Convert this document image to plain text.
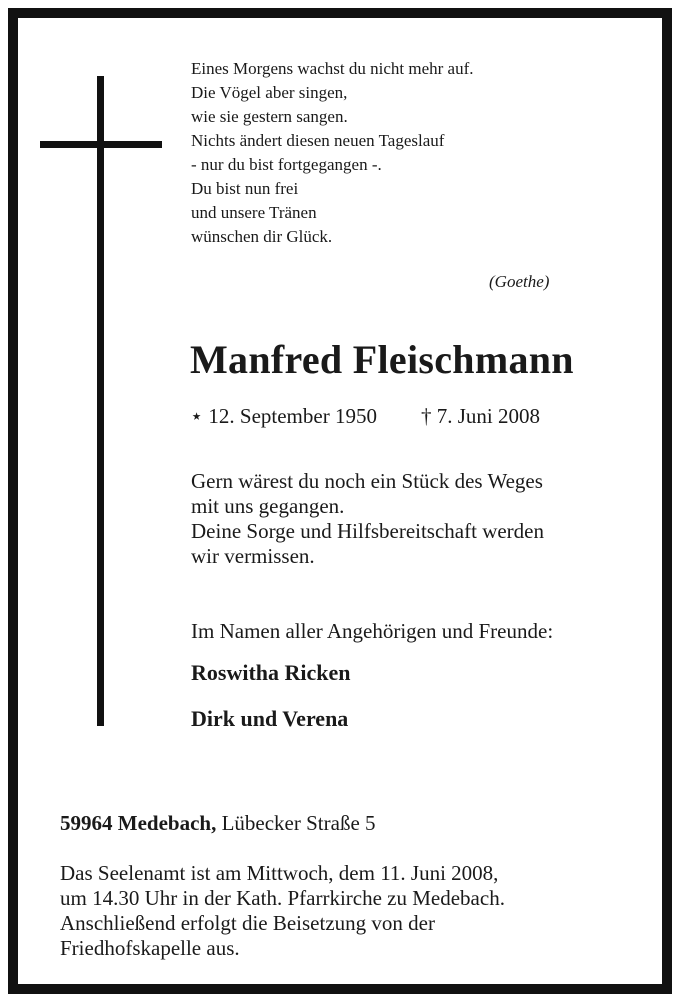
Eines Morgens wachst du nicht mehr auf.
Die Vögel aber singen,
wie sie gestern sangen.
Nichts ändert diesen neuen Tageslauf
- nur du bist fortgegangen -.
Du bist nun frei
und unsere Tränen
wünschen dir Glück.
(Goethe)
Manfred Fleischmann
⋆ 12. September 1950 † 7. Juni 2008
Gern wärest du noch ein Stück des Weges
mit uns gegangen.
Deine Sorge und Hilfsbereitschaft werden
wir vermissen.
Im Namen aller Angehörigen und Freunde:
Roswitha Ricken
Dirk und Verena
59964 Medebach, Lübecker Straße 5
Das Seelenamt ist am Mittwoch, dem 11. Juni 2008,
um 14.30 Uhr in der Kath. Pfarrkirche zu Medebach.
Anschließend erfolgt die Beisetzung von der
Friedhofskapelle aus.
